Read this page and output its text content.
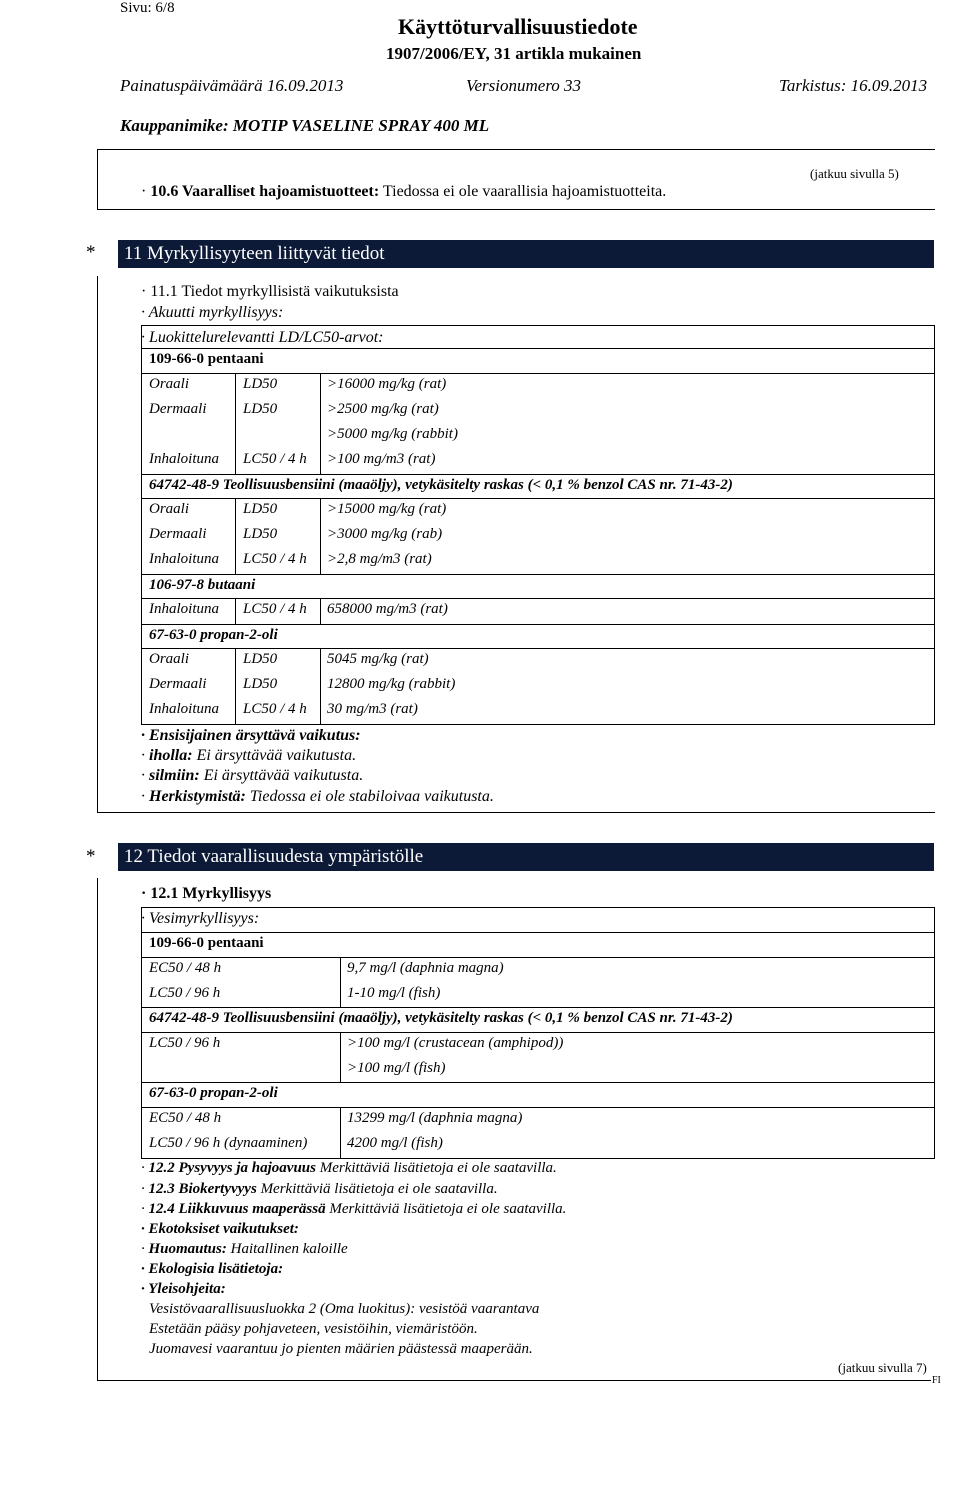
Sivu: 6/8
Käyttöturvallisuustiedote
1907/2006/EY, 31 artikla mukainen
Painatuspäivämäärä 16.09.2013	Versionumero 33	Tarkistus: 16.09.2013
Kauppanimike: MOTIP VASELINE SPRAY 400 ML
(jatkuu sivulla 5)
· 10.6 Vaaralliset hajoamistuotteet: Tiedossa ei ole vaarallisia hajoamistuotteita.
*	11 Myrkyllisyyteen liittyvät tiedot
· 11.1 Tiedot myrkyllisistä vaikutuksista
· Akuutti myrkyllisyys:
· Luokittelurelevantti LD/LC50-arvot:
109-66-0 pentaani
Oraali	LD50	>16000 mg/kg (rat)
Dermaali LD50	>2500 mg/kg (rat)
>5000 mg/kg (rabbit)
Inhaloituna LC50 / 4 h >100 mg/m3 (rat)
64742-48-9 Teollisuusbensiini (maaöljy), vetykäsitelty raskas (< 0,1 % benzol CAS nr. 71-43-2)
Oraali	LD50	>15000 mg/kg (rat)
Dermaali LD50	>3000 mg/kg (rab)
Inhaloituna LC50 / 4 h >2,8 mg/m3 (rat)
106-97-8 butaani
Inhaloituna LC50 / 4 h 658000 mg/m3 (rat)
67-63-0 propan-2-oli
Oraali	LD50	5045 mg/kg (rat)
Dermaali LD50	12800 mg/kg (rabbit)
Inhaloituna LC50 / 4 h 30 mg/m3 (rat)
· Ensisijainen ärsyttävä vaikutus:
· iholla: Ei ärsyttävää vaikutusta.
· silmiin: Ei ärsyttävää vaikutusta.
· Herkistymistä: Tiedossa ei ole stabiloivaa vaikutusta.
*	12 Tiedot vaarallisuudesta ympäristölle
· 12.1 Myrkyllisyys
· Vesimyrkyllisyys:
109-66-0 pentaani
EC50 / 48 h	9,7 mg/l (daphnia magna)
LC50 / 96 h	1-10 mg/l (fish)
64742-48-9 Teollisuusbensiini (maaöljy), vetykäsitelty raskas (< 0,1 % benzol CAS nr. 71-43-2)
LC50 / 96 h	>100 mg/l (crustacean (amphipod))
>100 mg/l (fish)
67-63-0 propan-2-oli
EC50 / 48 h	13299 mg/l (daphnia magna)
LC50 / 96 h (dynaaminen)	4200 mg/l (fish)
· 12.2 Pysyvyys ja hajoavuus Merkittäviä lisätietoja ei ole saatavilla.
· 12.3 Biokertyvyys Merkittäviä lisätietoja ei ole saatavilla.
· 12.4 Liikkuvuus maaperässä Merkittäviä lisätietoja ei ole saatavilla.
· Ekotoksiset vaikutukset:
· Huomautus: Haitallinen kaloille
· Ekologisia lisätietoja:
· Yleisohjeita:
Vesistövaarallisuusluokka 2 (Oma luokitus): vesistöä vaarantava
Estetään pääsy pohjaveteen, vesistöihin, viemäristöön.
Juomavesi vaarantuu jo pienten määrien päästessä maaperään.
(jatkuu sivulla 7)
FI
